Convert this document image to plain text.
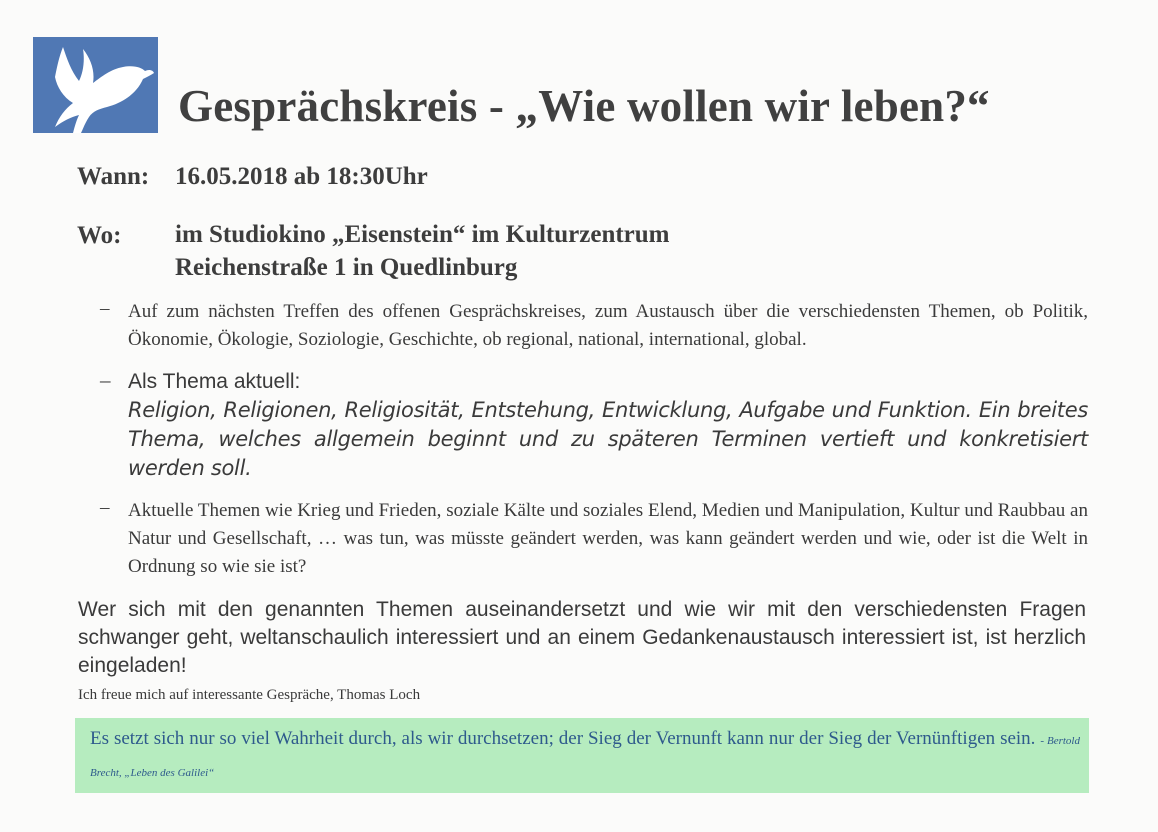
Gesprächskreis - „Wie wollen wir leben?“
Wann: 16.05.2018 ab 18:30Uhr
Wo: im Studiokino „Eisenstein“ im Kulturzentrum
Reichenstraße 1 in Quedlinburg
– Auf zum nächsten Treffen des offenen Gesprächskreises, zum Austausch über die verschiedensten Themen, ob Politik, Ökonomie, Ökologie, Soziologie, Geschichte, ob regional, national, international, global.
– Als Thema aktuell:
Religion, Religionen, Religiosität, Entstehung, Entwicklung, Aufgabe und Funktion. Ein breites Thema, welches allgemein beginnt und zu späteren Terminen vertieft und konkretisiert werden soll.
– Aktuelle Themen wie Krieg und Frieden, soziale Kälte und soziales Elend, Medien und Manipulation, Kultur und Raubbau an Natur und Gesellschaft, … was tun, was müsste geändert werden, was kann geändert werden und wie, oder ist die Welt in Ordnung so wie sie ist?
Wer sich mit den genannten Themen auseinandersetzt und wie wir mit den verschiedensten Fragen schwanger geht, weltanschaulich interessiert und an einem Gedankenaustausch interessiert ist, ist herzlich eingeladen!
Ich freue mich auf interessante Gespräche, Thomas Loch
Es setzt sich nur so viel Wahrheit durch, als wir durchsetzen; der Sieg der Vernunft kann nur der Sieg der Vernünftigen sein. - Bertold Brecht, „Leben des Galilei“
